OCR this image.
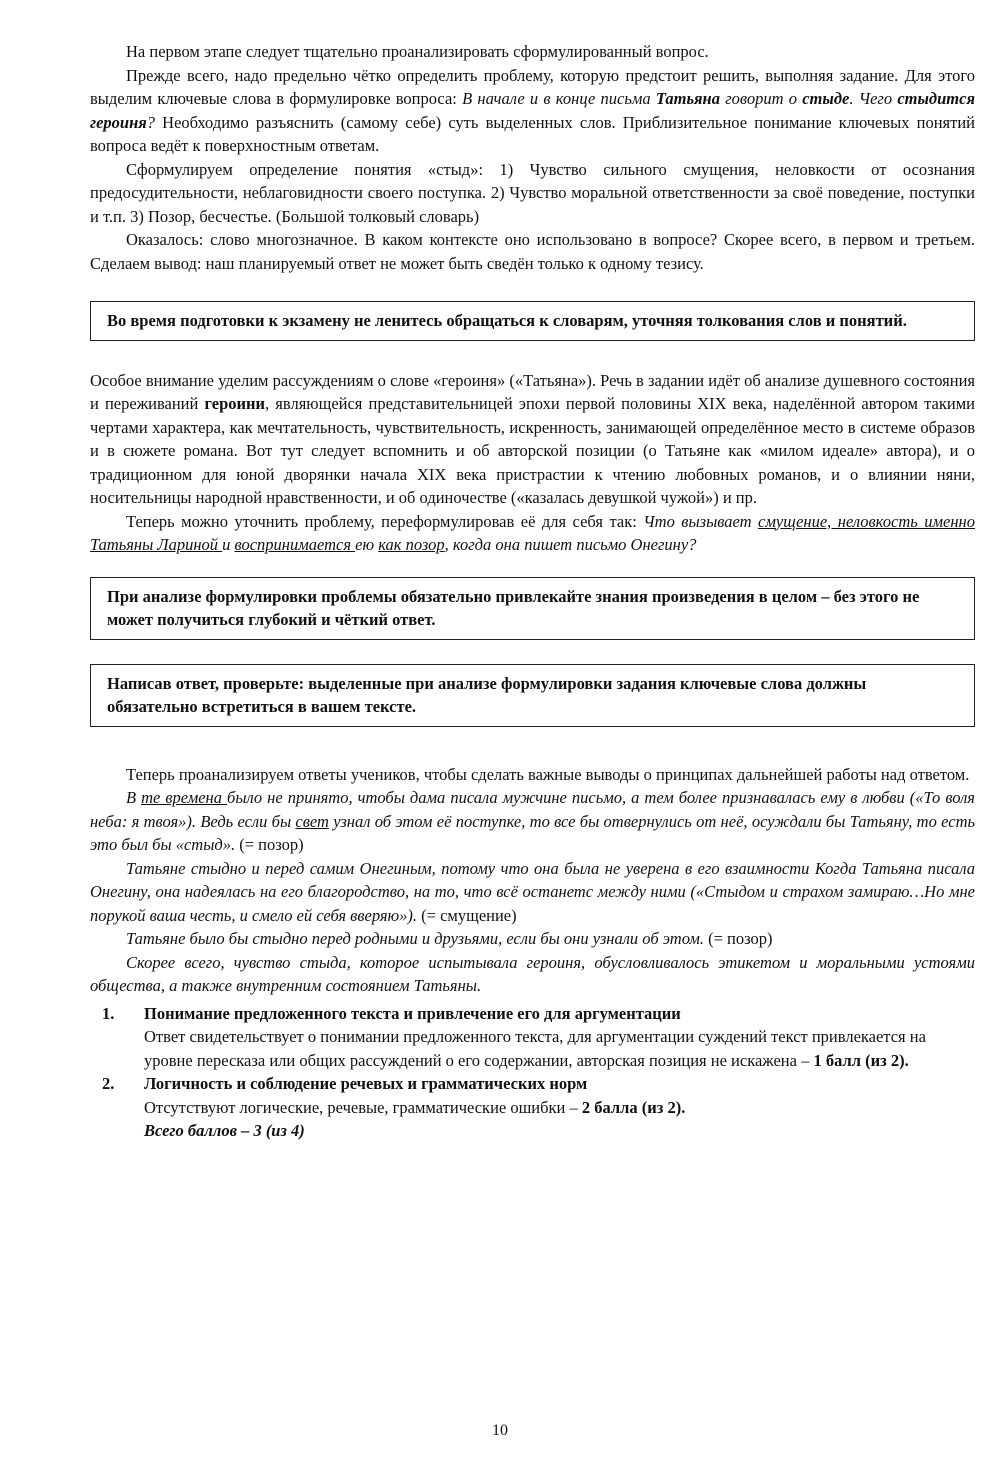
На первом этапе следует тщательно проанализировать сформулированный вопрос.

Прежде всего, надо предельно чётко определить проблему, которую предстоит решить, выполняя задание. Для этого выделим ключевые слова в формулировке вопроса: В начале и в конце письма Татьяна говорит о стыде. Чего стыдится героиня? Необходимо разъяснить (самому себе) суть выделенных слов. Приблизительное понимание ключевых понятий вопроса ведёт к поверхностным ответам.

Сформулируем определение понятия «стыд»: 1) Чувство сильного смущения, неловкости от осознания предосудительности, неблаговидности своего поступка. 2) Чувство моральной ответственности за своё поведение, поступки и т.п. 3) Позор, бесчестье. (Большой толковый словарь)

Оказалось: слово многозначное. В каком контексте оно использовано в вопросе? Скорее всего, в первом и третьем. Сделаем вывод: наш планируемый ответ не может быть сведён только к одному тезису.

Во время подготовки к экзамену не ленитесь обращаться к словарям, уточняя толкования слов и понятий.

Особое внимание уделим рассуждениям о слове «героиня» («Татьяна»). Речь в задании идёт об анализе душевного состояния и переживаний героини, являющейся представительницей эпохи первой половины XIX века, наделённой автором такими чертами характера, как мечтательность, чувствительность, искренность, занимающей определённое место в системе образов и в сюжете романа. Вот тут следует вспомнить и об авторской позиции (о Татьяне как «милом идеале» автора), и о традиционном для юной дворянки начала XIX века пристрастии к чтению любовных романов, и о влиянии няни, носительницы народной нравственности, и об одиночестве («казалась девушкой чужой») и пр.

Теперь можно уточнить проблему, переформулировав её для себя так: Что вызывает смущение, неловкость именно Татьяны Лариной и воспринимается ею как позор, когда она пишет письмо Онегину?

При анализе формулировки проблемы обязательно привлекайте знания произведения в целом – без этого не может получиться глубокий и чёткий ответ.
Написав ответ, проверьте: выделенные при анализе формулировки задания ключевые слова должны обязательно встретиться в вашем тексте.

Теперь проанализируем ответы учеников, чтобы сделать важные выводы о принципах дальнейшей работы над ответом.

В те времена было не принято, чтобы дама писала мужчине письмо, а тем более признавалась ему в любви («То воля неба: я твоя»). Ведь если бы свет узнал об этом её поступке, то все бы отвернулись от неё, осуждали бы Татьяну, то есть это был бы «стыд». (= позор)

Татьяне стыдно и перед самим Онегиным, потому что она была не уверена в его взаимности Когда Татьяна писала Онегину, она надеялась на его благородство, на то, что всё останетс между ними («Стыдом и страхом замираю…Но мне порукой ваша честь, и смело ей себя вверяю»). (= смущение)

Татьяне было бы стыдно перед родными и друзьями, если бы они узнали об этом. (= позор)

Скорее всего, чувство стыда, которое испытывала героиня, обусловливалось этикетом и моральными устоями общества, а также внутренним состоянием Татьяны.

1.	Понимание предложенного текста и привлечение его для аргументации
Ответ свидетельствует о понимании предложенного текста, для аргументации суждений текст привлекается на уровне пересказа или общих рассуждений о его содержании, авторская позиция не искажена – 1 балл (из 2).
2.	Логичность и соблюдение речевых и грамматических норм
Отсутствуют логические, речевые, грамматические ошибки – 2 балла (из 2).
Всего баллов – 3 (из 4)
10
